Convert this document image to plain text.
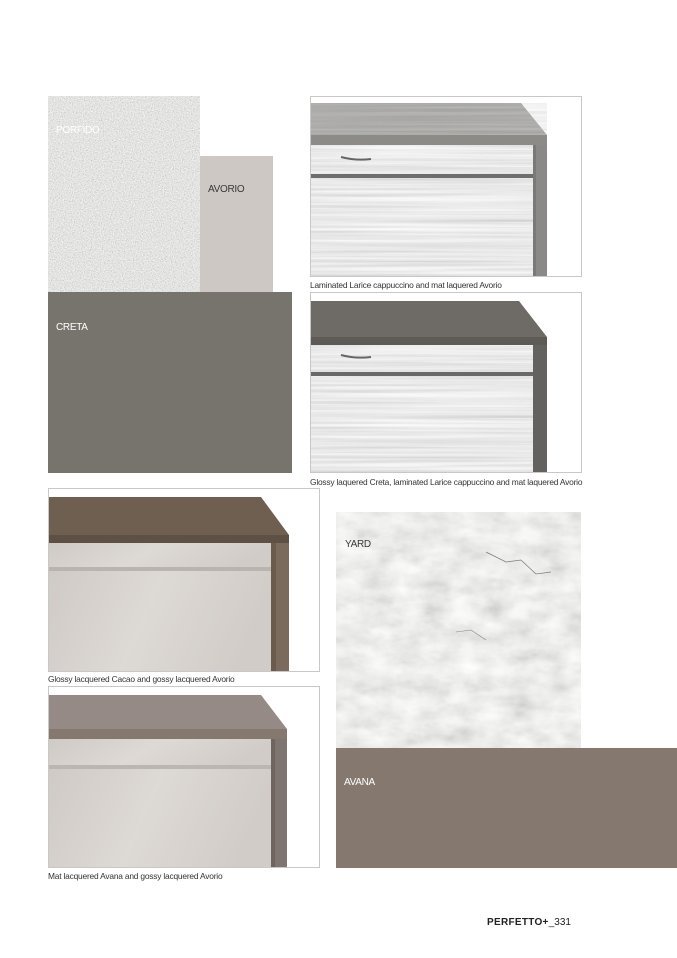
PORFIDO
AVORIO
CRETA
Laminated Larice cappuccino and mat laquered Avorio
Glossy laquered Creta, laminated Larice cappuccino and mat laquered Avorio
Glossy lacquered Cacao and gossy lacquered Avorio
Mat lacquered Avana and gossy lacquered Avorio
YARD
AVANA
PERFETTO+_331
